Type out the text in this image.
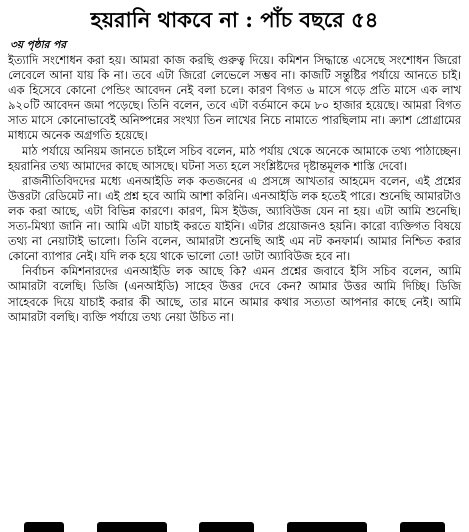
হয়রানি থাকবে না : পাঁচ বছরে ৫৪
৩য় পৃষ্ঠার পর

ইত্যাদি সংশোধন করা হয়। আমরা কাজ করছি গুরুত্ব দিয়ে। কমিশন সিদ্ধান্তে এসেছে সংশোধন জিরো লেবেলে আনা যায় কি না। তবে এটা জিরো লেভেলে সম্ভব না। কাজটি সন্তুষ্টির পর্যায়ে আনতে চাই। এক হিসেবে কোনো পেন্ডিং আবেদন নেই বলা চলে। কারণ বিগত ৬ মাসে গড়ে প্রতি মাসে এক লাখ ৯২০টি আবেদন জমা পড়েছে। তিনি বলেন, তবে এটা বর্তমানে কমে ৮০ হাজার হয়েছে। আমরা বিগত সাত মাসে কোনোভাবেই অনিষ্পন্নের সংখ্যা তিন লাখের নিচে নামাতে পারছিলাম না। ক্র্যাশ প্রোগ্রামের মাধ্যমে অনেক অগ্রগতি হয়েছে।

মাঠ পর্যায়ে অনিয়ম জানতে চাইলে সচিব বলেন, মাঠ পর্যায় থেকে অনেকে আমাকে তথ্য পাঠাচ্ছেন। হয়রানির তথ্য আমাদের কাছে আসছে। ঘটনা সত্য হলে সংশ্লিষ্টদের দৃষ্টান্তমূলক শাস্তি দেবো।

রাজনীতিবিদদের মধ্যে এনআইডি লক কতজনের এ প্রসঙ্গে আখতার আহমেদ বলেন, এই প্রশ্নের উত্তরটা রেডিমেট না। এই প্রশ্ন হবে আমি আশা করিনি। এনআইডি লক হতেই পারে। শুনেছি আমারটাও লক করা আছে, এটা বিভিন্ন কারণে। কারণ, মিস ইউজ, অ্যাবিউজ যেন না হয়। এটা আমি শুনেছি। সত্য-মিথ্যা জানি না। আমি এটা যাচাই করতে যাইনি। এটার প্রয়োজনও হয়নি। কারো ব্যক্তিগত বিষয়ে তথ্য না নেয়াটাই ভালো। তিনি বলেন, আমারটা শুনেছি আই এম নট কনফার্ম। আমার নিশ্চিত করার কোনো ব্যাপার নেই। যদি লক হয়ে থাকে ভালো তো! ডাটা অ্যাবিউজ হবে না।

নির্বাচন কমিশনারদের এনআইডি লক আছে কি? এমন প্রশ্নের জবাবে ইসি সচিব বলেন, আমি আমারটা বলেছি। ডিজি (এনআইডি) সাহেব উত্তর দেবে কেন? আমার উত্তর আমি দিচ্ছি। ডিজি সাহেবকে দিয়ে যাচাই করার কী আছে, তার মানে আমার কথার সত্যতা আপনার কাছে নেই। আমি আমারটা বলছি। ব্যক্তি পর্যায়ে তথ্য নেয়া উচিত না।
